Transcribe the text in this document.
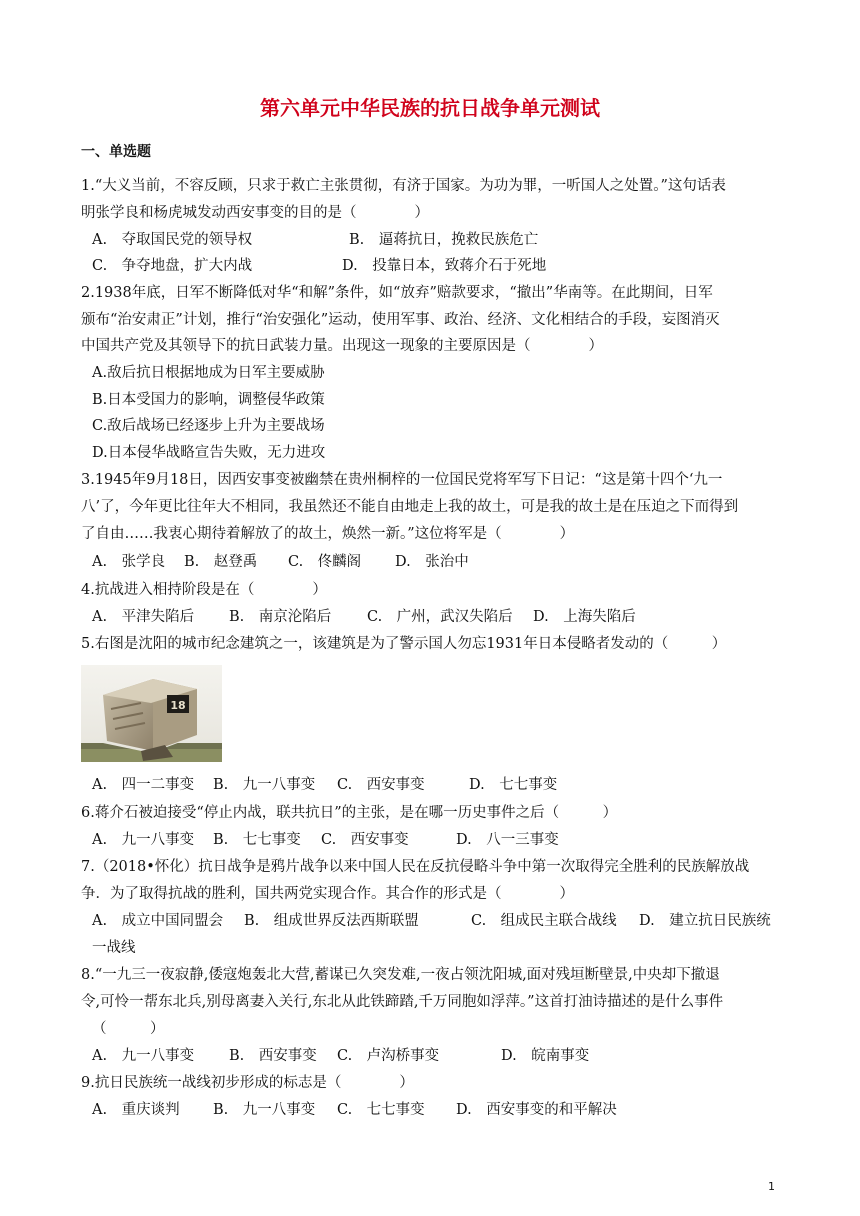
第六单元中华民族的抗日战争单元测试
一、单选题
1.“大义当前，不容反顾，只求于救亡主张贯彻，有济于国家。为功为罪，一听国人之处置。”这句话表
明张学良和杨虎城发动西安事变的目的是（　　　　）
A.　夺取国民党的领导权	B.　逼蒋抗日，挽救民族危亡
C.　争夺地盘，扩大内战	D.　投靠日本，致蒋介石于死地
2.1938年底，日军不断降低对华“和解”条件，如“放弃”赔款要求，“撤出”华南等。在此期间，日军
颁布“治安肃正”计划，推行“治安强化”运动，使用军事、政治、经济、文化相结合的手段，妄图消灭
中国共产党及其领导下的抗日武装力量。出现这一现象的主要原因是（　　　　）
A.敌后抗日根据地成为日军主要威胁
B.日本受国力的影响，调整侵华政策
C.敌后战场已经逐步上升为主要战场
D.日本侵华战略宣告失败，无力进攻
3.1945年9月18日，因西安事变被幽禁在贵州桐梓的一位国民党将军写下日记：“这是第十四个‘九一
八’了，今年更比往年大不相同，我虽然还不能自由地走上我的故土，可是我的故土是在压迫之下而得到
了自由……我衷心期待着解放了的故土，焕然一新。”这位将军是（　　　　）
A.　张学良 B.　赵登禹 C.　佟麟阁 D.　张治中
4.抗战进入相持阶段是在（　　　　）
A.　平津失陷后 B.　南京沦陷后 C.　广州，武汉失陷后 D.　上海失陷后
5.右图是沈阳的城市纪念建筑之一，该建筑是为了警示国人勿忘1931年日本侵略者发动的（　　　）
18
A.　四一二事变 B.　九一八事变 C.　西安事变	D.　七七事变
6.蒋介石被迫接受“停止内战，联共抗日”的主张，是在哪一历史事件之后（　　　）
A.　九一八事变 B.　七七事变 C.　西安事变	D.　八一三事变
7.（2018•怀化）抗日战争是鸦片战争以来中国人民在反抗侵略斗争中第一次取得完全胜利的民族解放战
争．为了取得抗战的胜利，国共两党实现合作。其合作的形式是（　　　　）
A.　成立中国同盟会 B.　组成世界反法西斯联盟	C.　组成民主联合战线 D.　建立抗日民族统
一战线
8.“一九三一夜寂静,倭寇炮轰北大营,蓄谋已久突发难,一夜占领沈阳城,面对残垣断壁景,中央却下撤退
令,可怜一帮东北兵,别母离妻入关行,东北从此铁蹄踏,千万同胞如浮萍。”这首打油诗描述的是什么事件
（　　　）
A.　九一八事变 B.　西安事变 C.　卢沟桥事变	D.　皖南事变
9.抗日民族统一战线初步形成的标志是（　　　　）
A.　重庆谈判 B.　九一八事变 C.　七七事变 D.　西安事变的和平解决
1
